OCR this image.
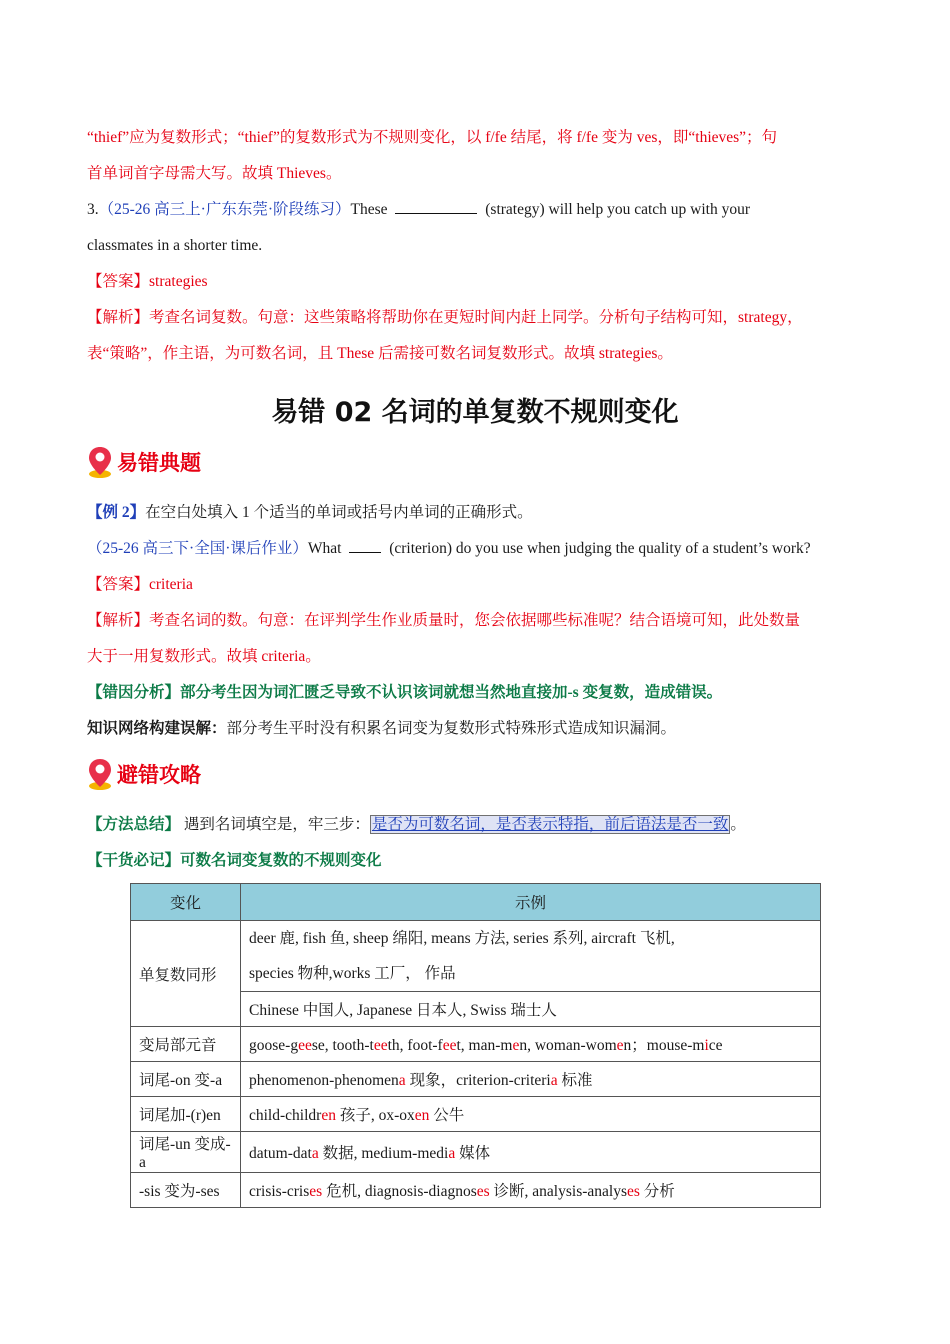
“thief”应为复数形式；“thief”的复数形式为不规则变化，以 f/fe 结尾，将 f/fe 变为 ves，即“thieves”；句

首单词首字母需大写。故填 Thieves。

3.（25-26 高三上·广东东莞·阶段练习）These	(strategy) will help you catch up with your

classmates in a shorter time.

【答案】strategies

【解析】考查名词复数。句意：这些策略将帮助你在更短时间内赶上同学。分析句子结构可知，strategy，

表“策略”，作主语，为可数名词，且 These 后需接可数名词复数形式。故填 strategies。

易错 02 名词的单复数不规则变化
易错典题

【例 2】在空白处填入 1 个适当的单词或括号内单词的正确形式。

（25-26 高三下·全国·课后作业）What	(criterion) do you use when judging the quality of a student’s work?

【答案】criteria

【解析】考查名词的数。句意：在评判学生作业质量时，您会依据哪些标准呢？结合语境可知，此处数量

大于一用复数形式。故填 criteria。

【错因分析】部分考生因为词汇匮乏导致不认识该词就想当然地直接加-s 变复数，造成错误。

知识网络构建误解：部分考生平时没有积累名词变为复数形式特殊形式造成知识漏洞。

避错攻略

【方法总结】 遇到名词填空是，牢三步： 是否为可数名词，是否表示特指，前后语法是否一致 。

【干货必记】可数名词变复数的不规则变化

变化	示例
单复数同形	deer 鹿, fish 鱼, sheep 绵阳, means 方法, series 系列, aircraft 飞机,
species 物种,works 工厂， 作品

	Chinese 中国人, Japanese 日本人, Swiss 瑞士人
变局部元音	goose-geese, tooth-teeth, foot-feet, man-men, woman-women；mouse-mice
词尾-on 变-a	phenomenon-phenomena 现象，criterion-criteria 标准
词尾加-(r)en	child-children 孩子, ox-oxen 公牛
词尾-un 变成-a	datum-data 数据, medium-media 媒体
-sis 变为-ses	crisis-crises 危机, diagnosis-diagnoses 诊断, analysis-analyses 分析
